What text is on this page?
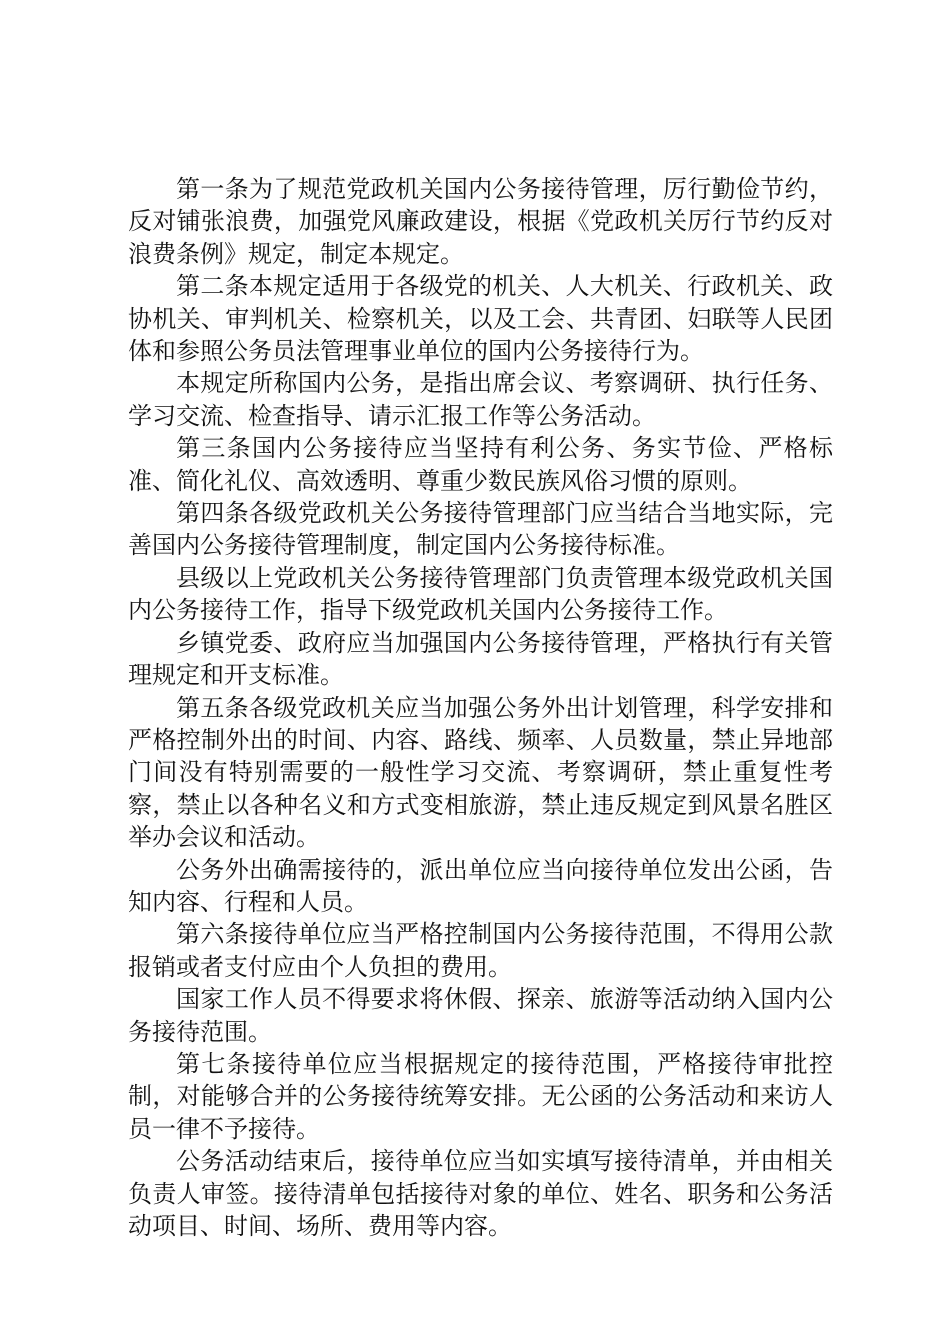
第一条为了规范党政机关国内公务接待管理，厉行勤俭节约，反对铺张浪费，加强党风廉政建设，根据《党政机关厉行节约反对浪费条例》规定，制定本规定。

第二条本规定适用于各级党的机关、人大机关、行政机关、政协机关、审判机关、检察机关，以及工会、共青团、妇联等人民团体和参照公务员法管理事业单位的国内公务接待行为。

本规定所称国内公务，是指出席会议、考察调研、执行任务、学习交流、检查指导、请示汇报工作等公务活动。

第三条国内公务接待应当坚持有利公务、务实节俭、严格标准、简化礼仪、高效透明、尊重少数民族风俗习惯的原则。

第四条各级党政机关公务接待管理部门应当结合当地实际，完善国内公务接待管理制度，制定国内公务接待标准。

县级以上党政机关公务接待管理部门负责管理本级党政机关国内公务接待工作，指导下级党政机关国内公务接待工作。

乡镇党委、政府应当加强国内公务接待管理，严格执行有关管理规定和开支标准。

第五条各级党政机关应当加强公务外出计划管理，科学安排和严格控制外出的时间、内容、路线、频率、人员数量，禁止异地部门间没有特别需要的一般性学习交流、考察调研，禁止重复性考察，禁止以各种名义和方式变相旅游，禁止违反规定到风景名胜区举办会议和活动。

公务外出确需接待的，派出单位应当向接待单位发出公函，告知内容、行程和人员。

第六条接待单位应当严格控制国内公务接待范围，不得用公款报销或者支付应由个人负担的费用。

国家工作人员不得要求将休假、探亲、旅游等活动纳入国内公务接待范围。

第七条接待单位应当根据规定的接待范围，严格接待审批控制，对能够合并的公务接待统筹安排。无公函的公务活动和来访人员一律不予接待。

公务活动结束后，接待单位应当如实填写接待清单，并由相关负责人审签。接待清单包括接待对象的单位、姓名、职务和公务活动项目、时间、场所、费用等内容。
